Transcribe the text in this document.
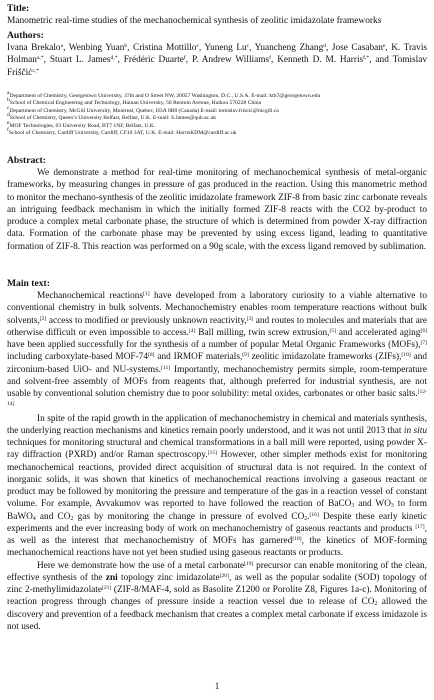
Title:
Manometric real-time studies of the mechanochemical synthesis of zeolitic imidazolate frameworks
Authors:
Ivana Brekalo$^a$, Wenbing Yuan$^b$, Cristina Mottillo$^c$, Yuneng Lu$^c$, Yuancheng Zhang$^d$, Jose Casaban$^e$, K. Travis Holman$^{a,*}$, Stuart L. James$^{d,*}$, Frédéric Duarte$^f$, P. Andrew Williams$^f$, Kenneth D. M. Harris$^{f,*}$, and Tomislav Friščić$^{c,*}$
$^a$Department of Chemistry, Georgetown University, 37th and O Street NW, 20057 Washington, D.C., U.S.A. E-mail: kth7@georgetown.edu
$^b$School of Chemical Engineering and Technology, Hainan University, 58 Renmin Avenue, Haikou 570228 China
$^c$Department of Chemistry, McGill University, Montreal, Quebec, H3A 0B8 (Canada) E-mail: tomislav.friscic@mcgill.ca
$^d$School of Chemistry, Queen’s University Belfast, Belfast, U.K. E-mail: S.James@qub.ac.uk
$^e$MOF Technologies, 63 University Road, BT7 1NF, Belfast, U.K.
$^f$School of Chemistry, Cardiff University, Cardiff, CF10 3AT, U.K. E-mail: HarrisKDM@cardiff.ac.uk
Abstract:

We demonstrate a method for real-time monitoring of mechanochemical synthesis of metal-organic frameworks, by measuring changes in pressure of gas produced in the reaction. Using this manometric method to monitor the mechano-synthesis of the zeolitic imidazolate framework ZIF-8 from basic zinc carbonate reveals an intriguing feedback mechanism in which the initially formed ZIF-8 reacts with the CO2 by-product to produce a complex metal carbonate phase, the structure of which is determined from powder X-ray diffraction data. Formation of the carbonate phase may be prevented by using excess ligand, leading to quantitative formation of ZIF-8. This reaction was performed on a 90g scale, with the excess ligand removed by sublimation.

Main text:

Mechanochemical reactions[1] have developed from a laboratory curiosity to a viable alternative to conventional chemistry in bulk solvents. Mechanochemistry enables room temperature reactions without bulk solvents,[2] access to modified or previously unknown reactivity,[3] and routes to molecules and materials that are otherwise difficult or even impossible to access.[4] Ball milling, twin screw extrusion,[5] and accelerated aging[6] have been applied successfully for the synthesis of a number of popular Metal Organic Frameworks (MOFs),[7] including carboxylate-based MOF-74[8] and IRMOF materials,[9] zeolitic imidazolate frameworks (ZIFs),[10] and zirconium-based UiO- and NU-systems.[11] Importantly, mechanochemistry permits simple, room-temperature and solvent-free assembly of MOFs from reagents that, although preferred for industrial synthesis, are not usable by conventional solution chemistry due to poor solubility: metal oxides, carbonates or other basic salts.[12-14]

In spite of the rapid growth in the application of mechanochemistry in chemical and materials synthesis, the underlying reaction mechanisms and kinetics remain poorly understood, and it was not until 2013 that in situ techniques for monitoring structural and chemical transformations in a ball mill were reported, using powder X-ray diffraction (PXRD) and/or Raman spectroscopy.[15] However, other simpler methods exist for monitoring mechanochemical reactions, provided direct acquisition of structural data is not required. In the context of inorganic solids, it was shown that kinetics of mechanochemical reactions involving a gaseous reactant or product may be followed by monitoring the pressure and temperature of the gas in a reaction vessel of constant volume. For example, Avvakumov was reported to have followed the reaction of BaCO$_3$ and $WO_3$ to form BaWO$_4$ and $CO_2$ gas by monitoring the change in pressure of evolved $CO_2.[16]$ Despite these early kinetic experiments and the ever increasing body of work on mechanochemistry of gaseous reactants and products [17], as well as the interest that mechanochemistry of MOFs has garnered[18], the kinetics of MOF-forming mechanochemical reactions have not yet been studied using gaseous reactants or products.

Here we demonstrate how the use of a metal carbonate[19] precursor can enable monitoring of the clean, effective synthesis of the zni topology zinc imidazolate[20], as well as the popular sodalite (SOD) topology of zinc 2-methylimidazolate[21] (ZIF-8/MAF-4, sold as Basolite Z1200 or Porolite Z8, Figures 1a-c). Monitoring of reaction progress through changes of pressure inside a reaction vessel due to release of $CO_2$ allowed the discovery and prevention of a feedback mechanism that creates a complex metal carbonate if excess imidazole is not used.

1
